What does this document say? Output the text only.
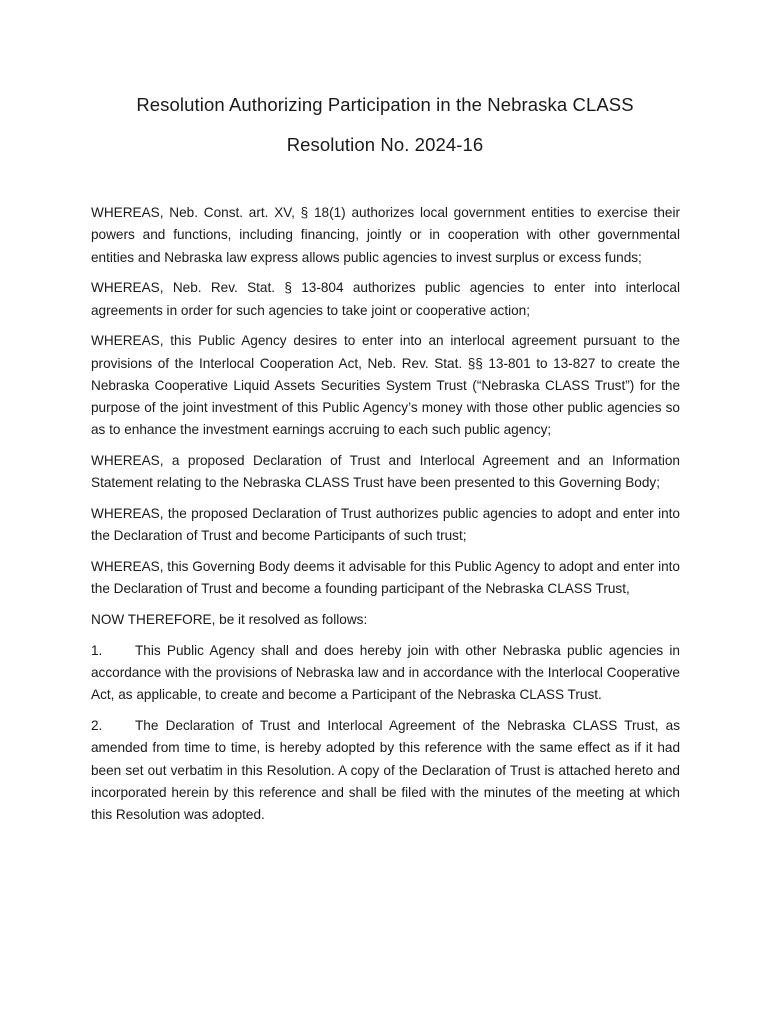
Resolution Authorizing Participation in the Nebraska CLASS
Resolution No. 2024-16

WHEREAS, Neb. Const. art. XV, § 18(1) authorizes local government entities to exercise their powers and functions, including financing, jointly or in cooperation with other governmental entities and Nebraska law express allows public agencies to invest surplus or excess funds;

WHEREAS, Neb. Rev. Stat. § 13-804 authorizes public agencies to enter into interlocal agreements in order for such agencies to take joint or cooperative action;

WHEREAS, this Public Agency desires to enter into an interlocal agreement pursuant to the provisions of the Interlocal Cooperation Act, Neb. Rev. Stat. §§ 13-801 to 13-827 to create the Nebraska Cooperative Liquid Assets Securities System Trust (“Nebraska CLASS Trust”) for the purpose of the joint investment of this Public Agency’s money with those other public agencies so as to enhance the investment earnings accruing to each such public agency;

WHEREAS, a proposed Declaration of Trust and Interlocal Agreement and an Information Statement relating to the Nebraska CLASS Trust have been presented to this Governing Body;

WHEREAS, the proposed Declaration of Trust authorizes public agencies to adopt and enter into the Declaration of Trust and become Participants of such trust;

WHEREAS, this Governing Body deems it advisable for this Public Agency to adopt and enter into the Declaration of Trust and become a founding participant of the Nebraska CLASS Trust,

NOW THEREFORE, be it resolved as follows:

1. This Public Agency shall and does hereby join with other Nebraska public agencies in accordance with the provisions of Nebraska law and in accordance with the Interlocal Cooperative Act, as applicable, to create and become a Participant of the Nebraska CLASS Trust.

2. The Declaration of Trust and Interlocal Agreement of the Nebraska CLASS Trust, as amended from time to time, is hereby adopted by this reference with the same effect as if it had been set out verbatim in this Resolution. A copy of the Declaration of Trust is attached hereto and incorporated herein by this reference and shall be filed with the minutes of the meeting at which this Resolution was adopted.
